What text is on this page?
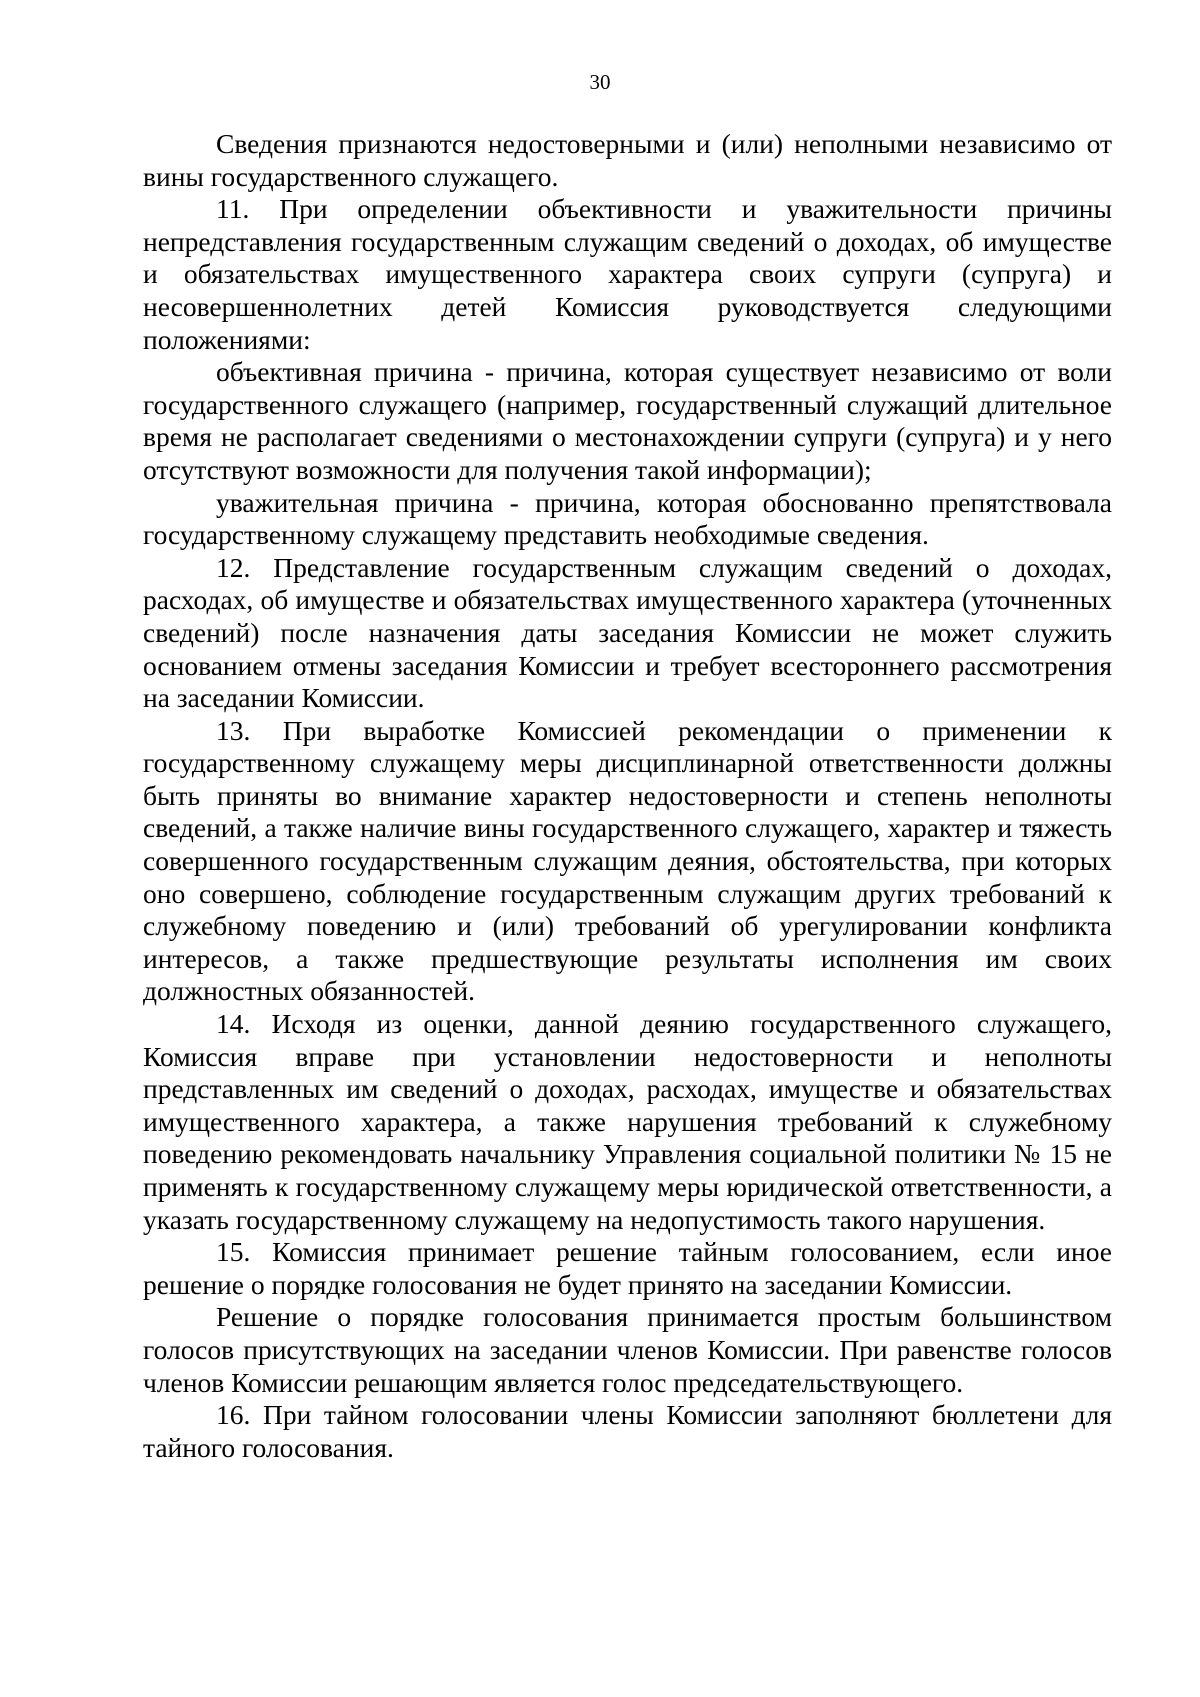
30

Сведения признаются недостоверными и (или) неполными независимо от вины государственного служащего.

11. При определении объективности и уважительности причины непредставления государственным служащим сведений о доходах, об имуществе и обязательствах имущественного характера своих супруги (супруга) и несовершеннолетних детей Комиссия руководствуется следующими положениями:

объективная причина - причина, которая существует независимо от воли государственного служащего (например, государственный служащий длительное время не располагает сведениями о местонахождении супруги (супруга) и у него отсутствуют возможности для получения такой информации);

уважительная причина - причина, которая обоснованно препятствовала государственному служащему представить необходимые сведения.

12. Представление государственным служащим сведений о доходах, расходах, об имуществе и обязательствах имущественного характера (уточненных сведений) после назначения даты заседания Комиссии не может служить основанием отмены заседания Комиссии и требует всестороннего рассмотрения на заседании Комиссии.

13. При выработке Комиссией рекомендации о применении к государственному служащему меры дисциплинарной ответственности должны быть приняты во внимание характер недостоверности и степень неполноты сведений, а также наличие вины государственного служащего, характер и тяжесть совершенного государственным служащим деяния, обстоятельства, при которых оно совершено, соблюдение государственным служащим других требований к служебному поведению и (или) требований об урегулировании конфликта интересов, а также предшествующие результаты исполнения им своих должностных обязанностей.

14. Исходя из оценки, данной деянию государственного служащего, Комиссия вправе при установлении недостоверности и неполноты представленных им сведений о доходах, расходах, имуществе и обязательствах имущественного характера, а также нарушения требований к служебному поведению рекомендовать начальнику Управления социальной политики № 15 не применять к государственному служащему меры юридической ответственности, а указать государственному служащему на недопустимость такого нарушения.

15. Комиссия принимает решение тайным голосованием, если иное решение о порядке голосования не будет принято на заседании Комиссии.

Решение о порядке голосования принимается простым большинством голосов присутствующих на заседании членов Комиссии. При равенстве голосов членов Комиссии решающим является голос председательствующего.

16. При тайном голосовании члены Комиссии заполняют бюллетени для тайного голосования.
